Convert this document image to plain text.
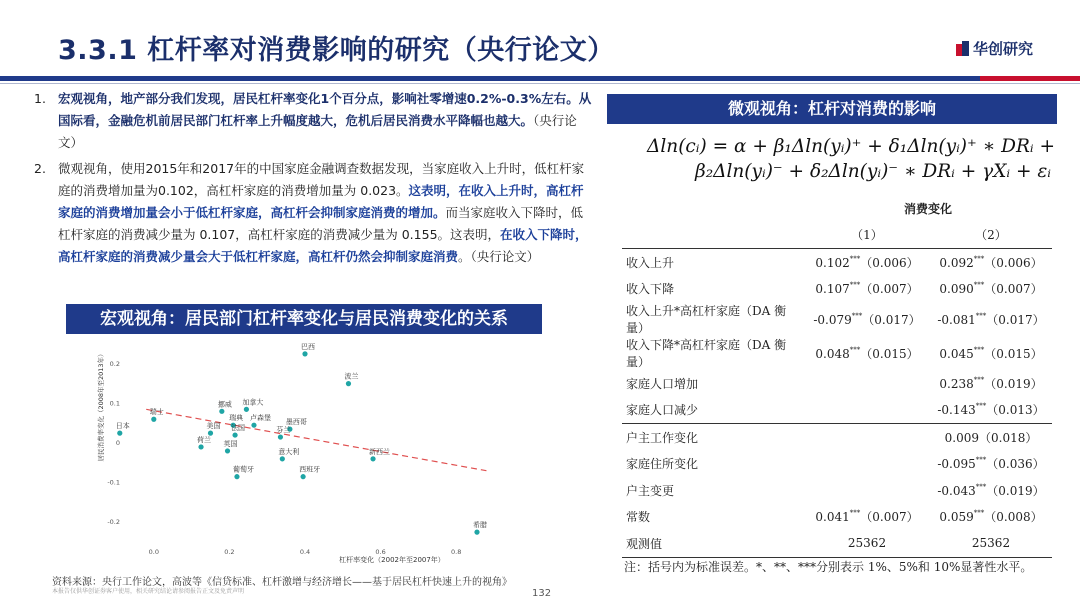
3.3.1 杠杆率对消费影响的研究（央行论文）	华创研究
1. 宏观视角，地产部分我们发现，居民杠杆率变化1个百分点，影响社零增速0.2%-0.3%左右。从国际看，金融危机前居民部门杠杆率上升幅度越大，危机后居民消费水平降幅也越大。（央行论文）
2. 微观视角，使用2015年和2017年的中国家庭金融调查数据发现，当家庭收入上升时，低杠杆家庭的消费增加量为0.102，高杠杆家庭的消费增加量为 0.023。这表明，在收入上升时，高杠杆家庭的消费增加量会小于低杠杆家庭，高杠杆会抑制家庭消费的增加。而当家庭收入下降时，低杠杆家庭的消费减少量为 0.107，高杠杆家庭的消费减少量为 0.155。这表明，在收入下降时，高杠杆家庭的消费减少量会大于低杠杆家庭，高杠杆仍然会抑制家庭消费。（央行论文）
宏观视角：居民部门杠杆率变化与居民消费变化的关系
0.0	0.2	0.4	0.6	0.8
0.2
0.1
0
-0.1
-0.2
巴西
波兰
挪威 加拿大
瑞典 卢森堡
瑞士
美国	墨西哥
日本	法国	芬兰
荷兰 英国
意大利	新西兰
葡萄牙	西班牙
希腊
居民消费率变化（2008年至2013年）
杠杆率变化（2002年至2007年）
资料来源：央行工作论文，高波等《信贷标准、杠杆激增与经济增长——基于居民杠杆快速上升的视角》
本报告仅供华创证券客户使用，相关研究结论请参阅报告正文及免责声明	132
微观视角：杠杆对消费的影响
Δln(cᵢ) = α + β₁Δln(yᵢ)⁺ + δ₁Δln(yᵢ)⁺ ∗ DRᵢ +
β₂Δln(yᵢ)⁻ + δ₂Δln(yᵢ)⁻ ∗ DRᵢ + γXᵢ + εᵢ
	消费变化	
	（1）	（2）
收入上升	0.102***（0.006）	0.092***（0.006）
收入下降	0.107***（0.007）	0.090***（0.007）
收入上升*高杠杆家庭（DA 衡量）	-0.079***（0.017）	-0.081***（0.017）
收入下降*高杠杆家庭（DA 衡量）	0.048***（0.015）	0.045***（0.015）
家庭人口增加		0.238***（0.019）
家庭人口减少		-0.143***（0.013）
户主工作变化		0.009（0.018）
家庭住所变化		-0.095***（0.036）
户主变更		-0.043***（0.019）
常数	0.041***（0.007）	0.059***（0.008）
观测值	25362	25362
注：括号内为标准误差。*、**、***分别表示 1%、5%和 10%显著性水平。
